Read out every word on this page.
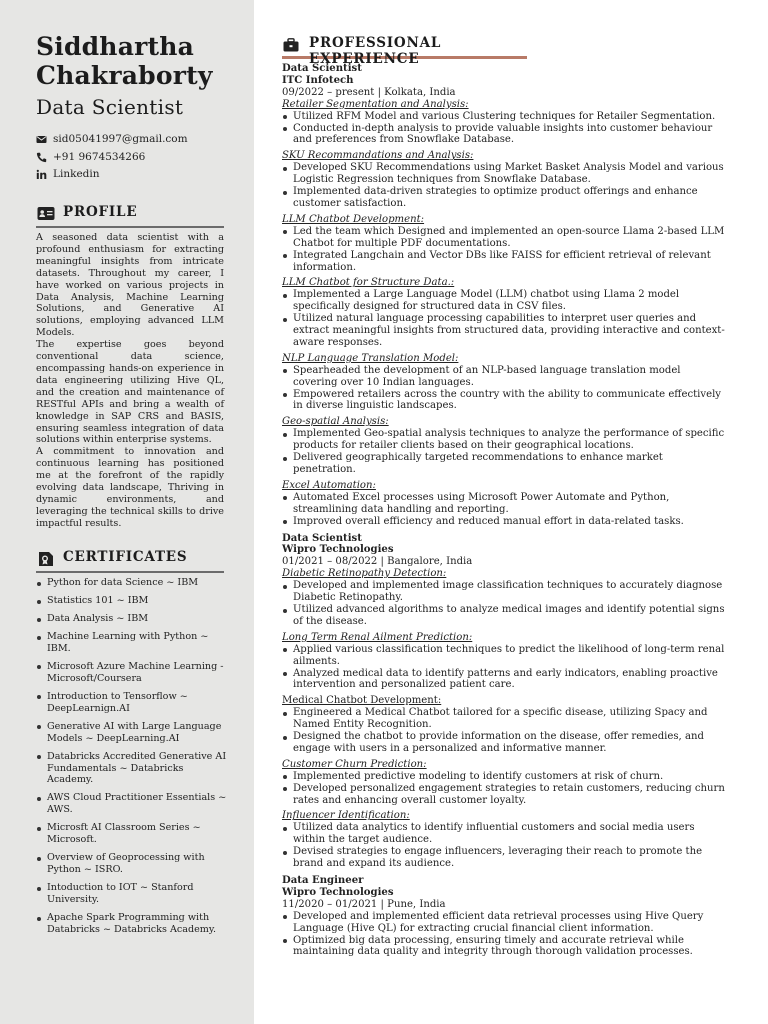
Siddhartha Chakraborty
Data Scientist
sid05041997@gmail.com
+91 9674534266
Linkedin
PROFILE

A seasoned data scientist with a profound enthusiasm for extracting meaningful insights from intricate datasets. Throughout my career, I have worked on various projects in Data Analysis, Machine Learning Solutions, and Generative AI solutions, employing advanced LLM Models.

The expertise goes beyond conventional data science, encompassing hands-on experience in data engineering utilizing Hive QL, and the creation and maintenance of RESTful APIs and bring a wealth of knowledge in SAP CRS and BASIS, ensuring seamless integration of data solutions within enterprise systems.

A commitment to innovation and continuous learning has positioned me at the forefront of the rapidly evolving data landscape, Thriving in dynamic environments, and leveraging the technical skills to drive impactful results.

CERTIFICATES
Python for data Science ~ IBM
Statistics 101 ~ IBM
Data Analysis ~ IBM
Machine Learning with Python ~ IBM.
Microsoft Azure Machine Learning - Microsoft/Coursera
Introduction to Tensorflow ~ DeepLearnign.AI
Generative AI with Large Language Models ~ DeepLearning.AI
Databricks Accredited Generative AI Fundamentals ~ Databricks Academy.
AWS Cloud Practitioner Essentials ~ AWS.
Microsft AI Classroom Series ~ Microsoft.
Overview of Geoprocessing with Python ~ ISRO.
Intoduction to IOT ~ Stanford University.
Apache Spark Programming with Databricks ~ Databricks Academy.
PROFESSIONAL EXPERIENCE
Data Scientist
ITC Infotech
09/2022 – present | Kolkata, India
Retailer Segmentation and Analysis:
Utilized RFM Model and various Clustering techniques for Retailer Segmentation.
Conducted in-depth analysis to provide valuable insights into customer behaviour and preferences from Snowflake Database.
SKU Recommandations and Analysis:
Developed SKU Recommendations using Market Basket Analysis Model and various Logistic Regression techniques from Snowflake Database.
Implemented data-driven strategies to optimize product offerings and enhance customer satisfaction.
LLM Chatbot Development:
Led the team which Designed and implemented an open-source Llama 2-based LLM Chatbot for multiple PDF documentations.
Integrated Langchain and Vector DBs like FAISS for efficient retrieval of relevant information.
LLM Chatbot for Structure Data.:
Implemented a Large Language Model (LLM) chatbot using Llama 2 model specifically designed for structured data in CSV files.
Utilized natural language processing capabilities to interpret user queries and extract meaningful insights from structured data, providing interactive and context-aware responses.
NLP Language Translation Model:
Spearheaded the development of an NLP-based language translation model covering over 10 Indian languages.
Empowered retailers across the country with the ability to communicate effectively in diverse linguistic landscapes.
Geo-spatial Analysis:
Implemented Geo-spatial analysis techniques to analyze the performance of specific products for retailer clients based on their geographical locations.
Delivered geographically targeted recommendations to enhance market penetration.
Excel Automation:
Automated Excel processes using Microsoft Power Automate and Python, streamlining data handling and reporting.
Improved overall efficiency and reduced manual effort in data-related tasks.
Data Scientist
Wipro Technologies
01/2021 – 08/2022 | Bangalore, India
Diabetic Retinopathy Detection:
Developed and implemented image classification techniques to accurately diagnose Diabetic Retinopathy.
Utilized advanced algorithms to analyze medical images and identify potential signs of the disease.
Long Term Renal Ailment Prediction:
Applied various classification techniques to predict the likelihood of long-term renal ailments.
Analyzed medical data to identify patterns and early indicators, enabling proactive intervention and personalized patient care.
Medical Chatbot Development:
Engineered a Medical Chatbot tailored for a specific disease, utilizing Spacy and Named Entity Recognition.
Designed the chatbot to provide information on the disease, offer remedies, and engage with users in a personalized and informative manner.
Customer Churn Prediction:
Implemented predictive modeling to identify customers at risk of churn.
Developed personalized engagement strategies to retain customers, reducing churn rates and enhancing overall customer loyalty.
Influencer Identification:
Utilized data analytics to identify influential customers and social media users within the target audience.
Devised strategies to engage influencers, leveraging their reach to promote the brand and expand its audience.
Data Engineer
Wipro Technologies
11/2020 – 01/2021 | Pune, India
Developed and implemented efficient data retrieval processes using Hive Query Language (Hive QL) for extracting crucial financial client information.
Optimized big data processing, ensuring timely and accurate retrieval while maintaining data quality and integrity through thorough validation processes.
